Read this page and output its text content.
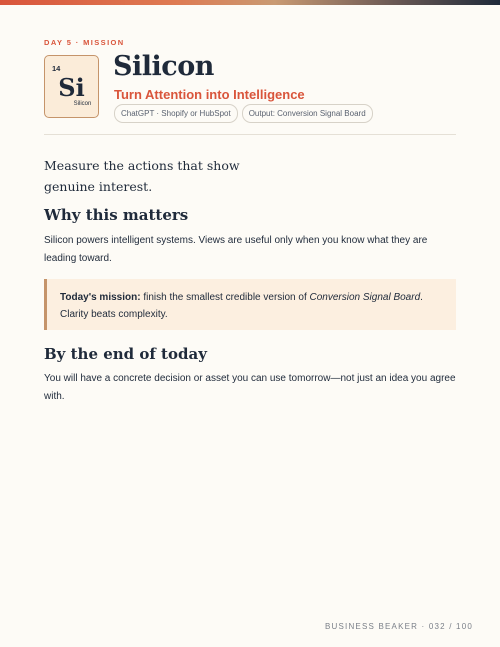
DAY 5 · MISSION
14
Si
Silicon
Silicon
Turn Attention into Intelligence
ChatGPT · Shopify or HubSpot	Output: Conversion Signal Board
Measure the actions that show genuine interest.
Why this matters
Silicon powers intelligent systems. Views are useful only when you know what they are leading toward.
Today's mission: finish the smallest credible version of Conversion Signal Board.
Clarity beats complexity.
By the end of today
You will have a concrete decision or asset you can use tomorrow—not just an idea you agree with.
BUSINESS BEAKER · 032 / 100
